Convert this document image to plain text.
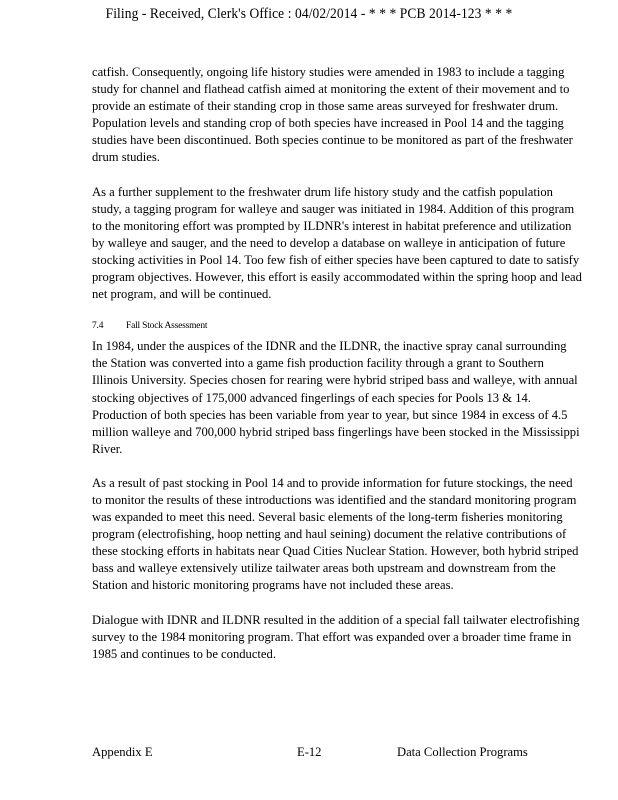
Filing - Received, Clerk's Office : 04/02/2014 - * * * PCB 2014-123 * * *

catfish. Consequently, ongoing life history studies were amended in 1983 to include a tagging study for channel and flathead catfish aimed at monitoring the extent of their movement and to provide an estimate of their standing crop in those same areas surveyed for freshwater drum. Population levels and standing crop of both species have increased in Pool 14 and the tagging studies have been discontinued. Both species continue to be monitored as part of the freshwater drum studies.

As a further supplement to the freshwater drum life history study and the catfish population study, a tagging program for walleye and sauger was initiated in 1984. Addition of this program to the monitoring effort was prompted by ILDNR's interest in habitat preference and utilization by walleye and sauger, and the need to develop a database on walleye in anticipation of future stocking activities in Pool 14. Too few fish of either species have been captured to date to satisfy program objectives. However, this effort is easily accommodated within the spring hoop and lead net program, and will be continued.

7.4 Fall Stock Assessment

In 1984, under the auspices of the IDNR and the ILDNR, the inactive spray canal surrounding the Station was converted into a game fish production facility through a grant to Southern Illinois University. Species chosen for rearing were hybrid striped bass and walleye, with annual stocking objectives of 175,000 advanced fingerlings of each species for Pools 13 & 14. Production of both species has been variable from year to year, but since 1984 in excess of 4.5 million walleye and 700,000 hybrid striped bass fingerlings have been stocked in the Mississippi River.

As a result of past stocking in Pool 14 and to provide information for future stockings, the need to monitor the results of these introductions was identified and the standard monitoring program was expanded to meet this need. Several basic elements of the long-term fisheries monitoring program (electrofishing, hoop netting and haul seining) document the relative contributions of these stocking efforts in habitats near Quad Cities Nuclear Station. However, both hybrid striped bass and walleye extensively utilize tailwater areas both upstream and downstream from the Station and historic monitoring programs have not included these areas.

Dialogue with IDNR and ILDNR resulted in the addition of a special fall tailwater electrofishing survey to the 1984 monitoring program. That effort was expanded over a broader time frame in 1985 and continues to be conducted.

Appendix E	E-12	Data Collection Programs
